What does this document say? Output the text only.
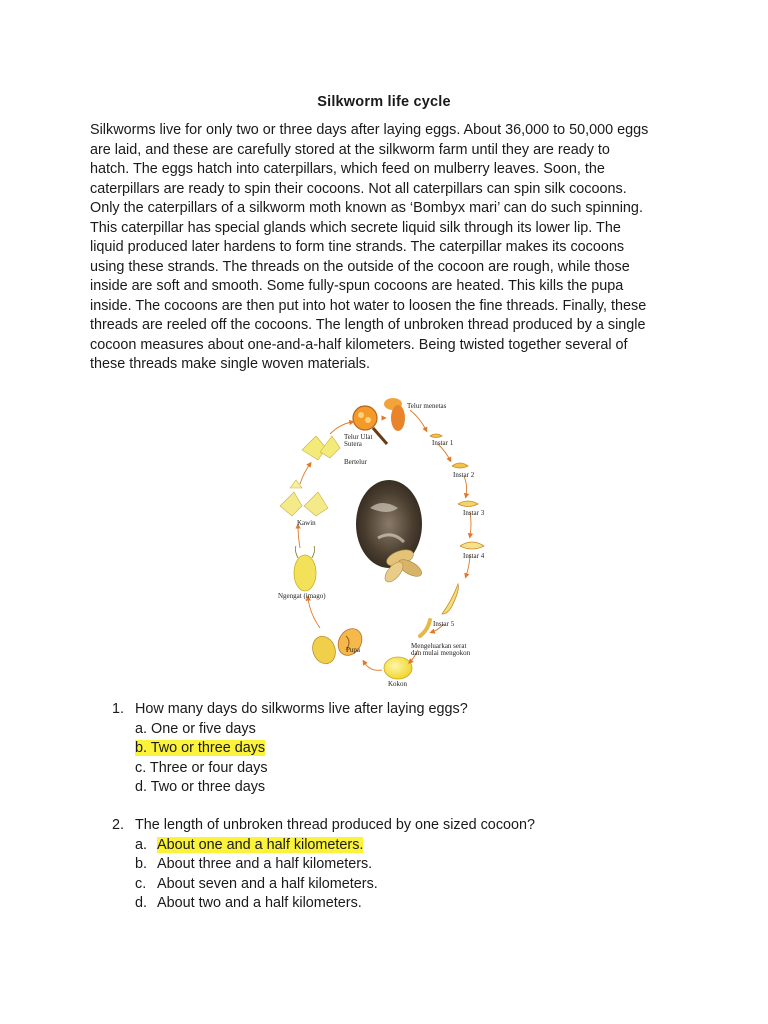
Silkworm life cycle
Silkworms live for only two or three days after laying eggs. About 36,000 to 50,000 eggs
are laid, and these are carefully stored at the silkworm farm until they are ready to
hatch. The eggs hatch into caterpillars, which feed on mulberry leaves. Soon, the
caterpillars are ready to spin their cocoons. Not all caterpillars can spin silk cocoons.
Only the caterpillars of a silkworm moth known as ‘Bombyx mari’ can do such spinning.
This caterpillar has special glands which secrete liquid silk through its lower lip. The
liquid produced later hardens to form tine strands. The caterpillar makes its cocoons
using these strands. The threads on the outside of the cocoon are rough, while those
inside are soft and smooth. Some fully-spun cocoons are heated. This kills the pupa
inside. The cocoons are then put into hot water to loosen the fine threads. Finally, these
threads are reeled off the cocoons. The length of unbroken thread produced by a single
cocoon measures about one-and-a-half kilometers. Being twisted together several of
these threads make single woven materials.
Telur menetas
Telur Ulat
Sutera	Instar 1
Instar 2
Instar 3
Instar 4
Instar 5
Bertelur
Kawin
Ngengat (imago)
Mengeluarkan serat
dan mulai mengokon
Pupa
Kokon
1. How many days do silkworms live after laying eggs?
a. One or five days
b. Two or three days
c. Three or four days
d. Two or three days
2. The length of unbroken thread produced by one sized cocoon?
a. About one and a half kilometers.
b. About three and a half kilometers.
c. About seven and a half kilometers.
d. About two and a half kilometers.
